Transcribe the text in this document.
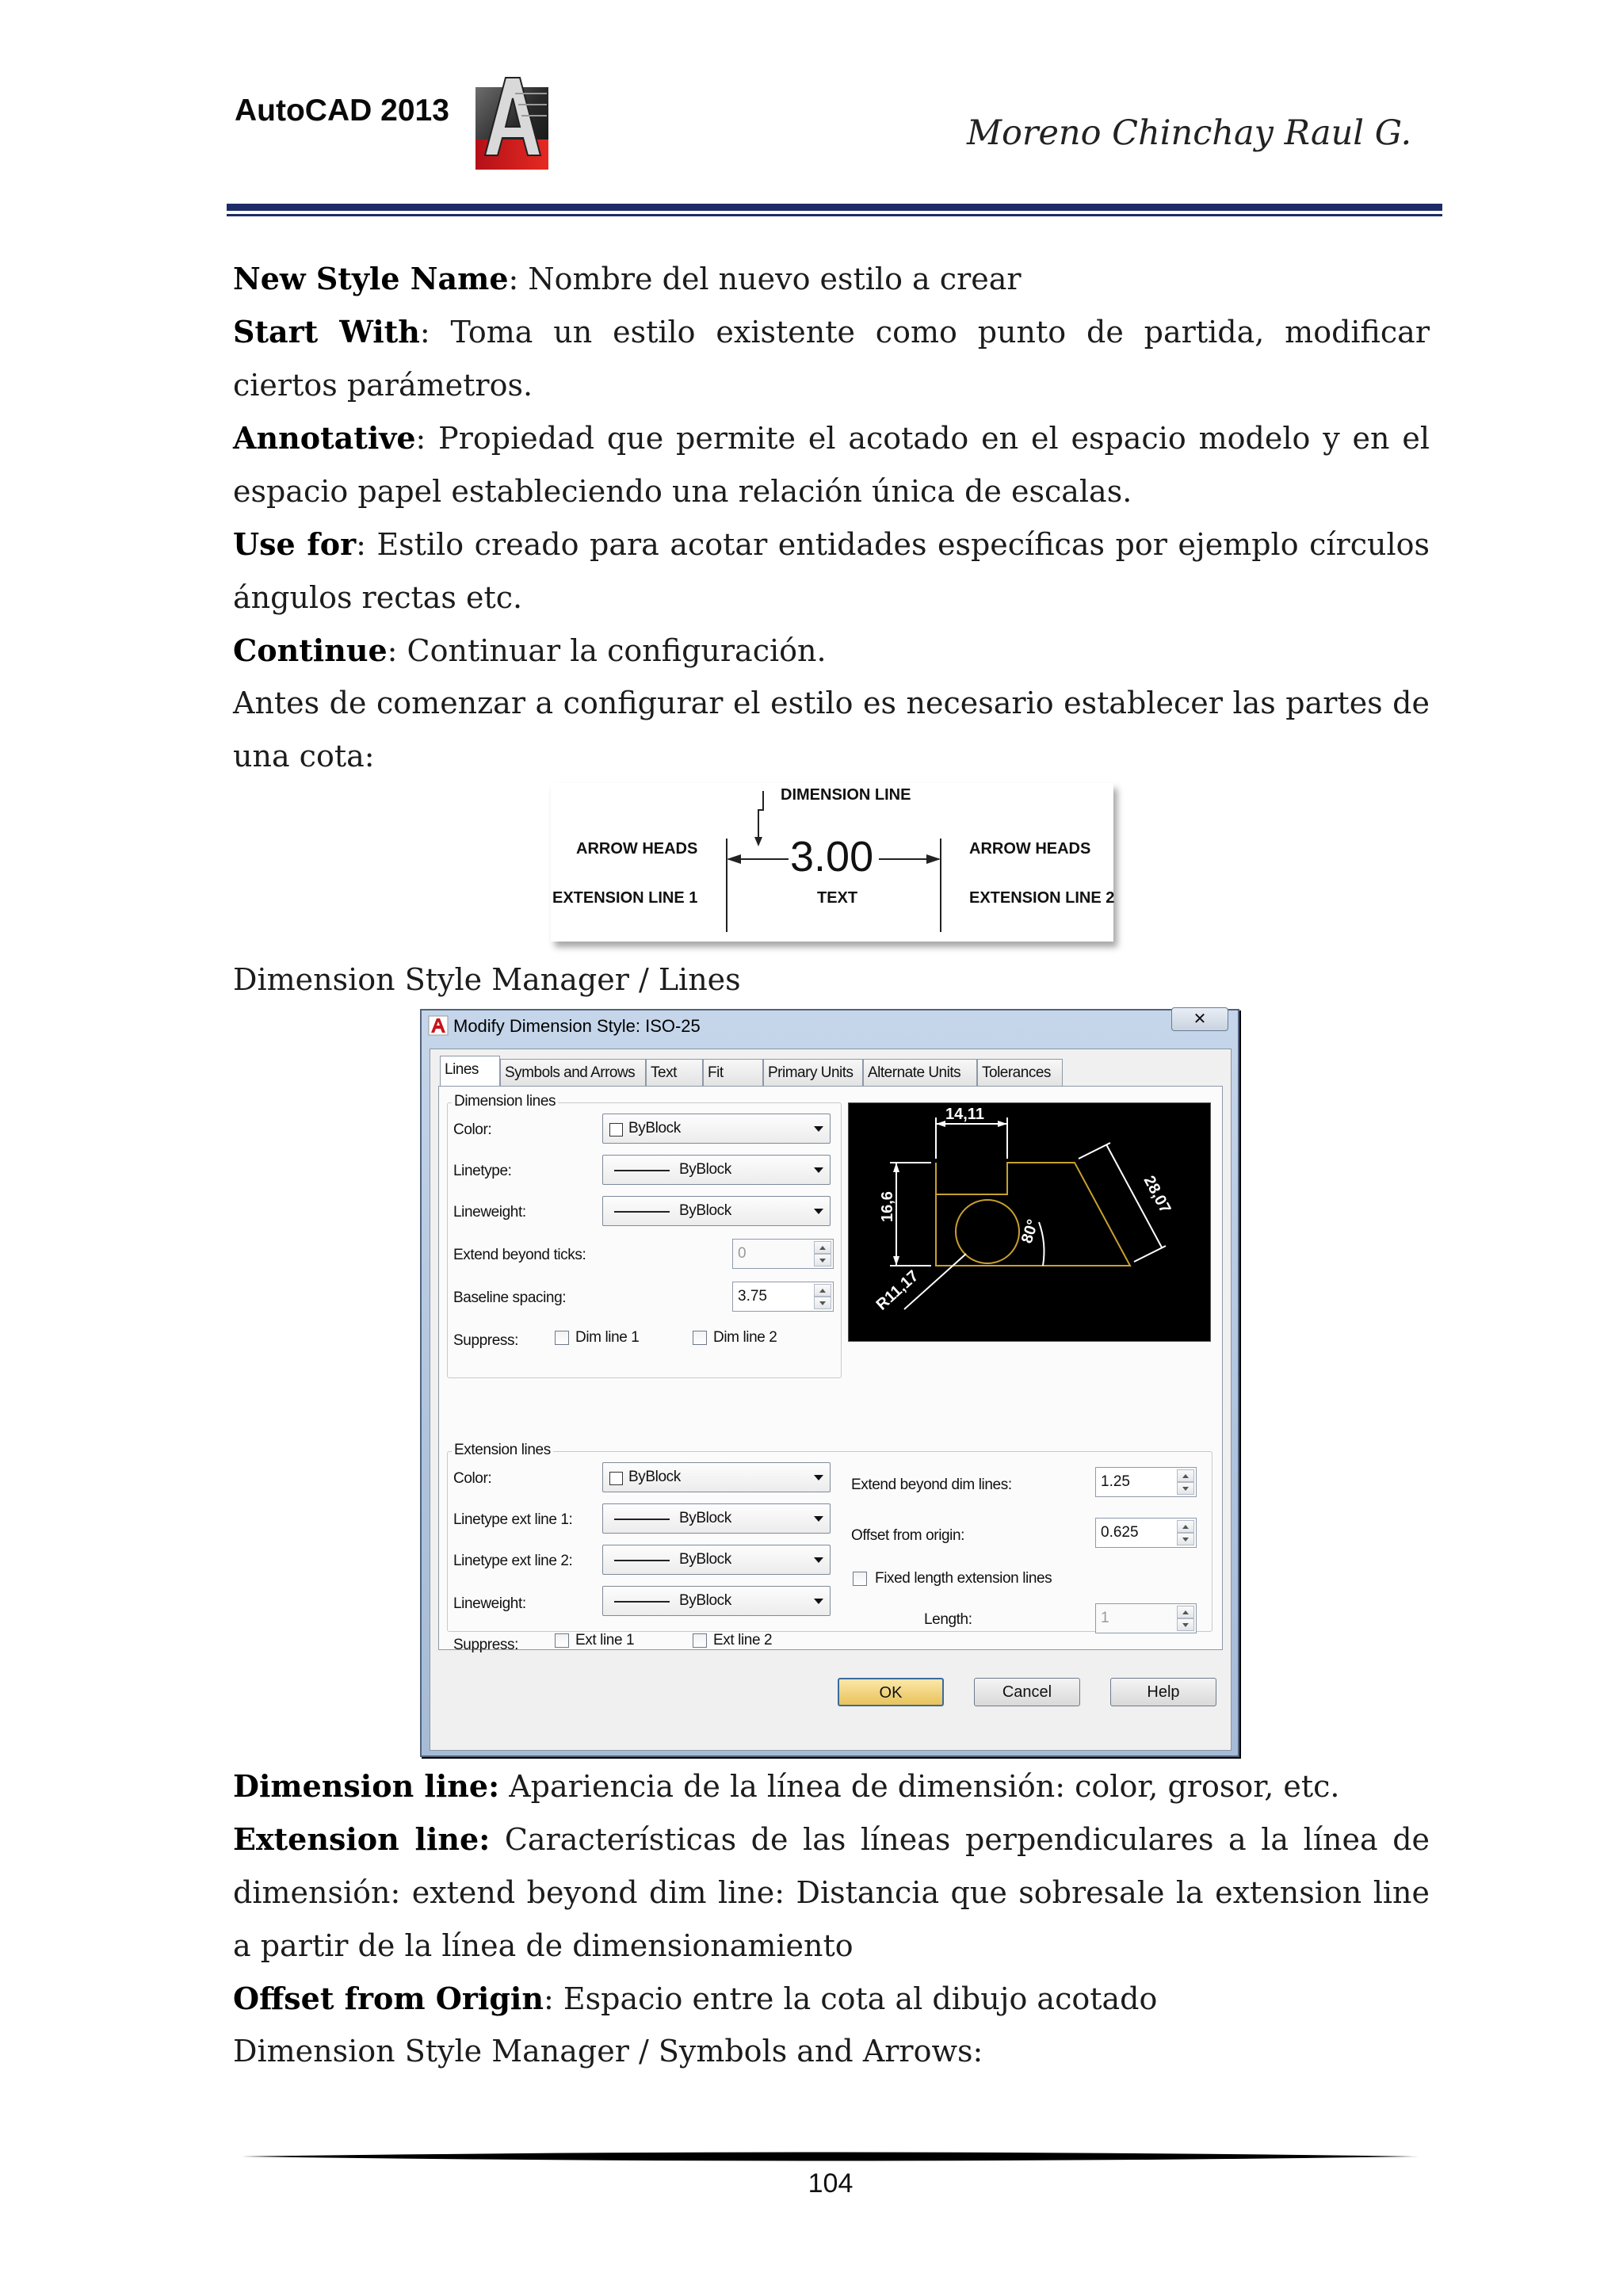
AutoCAD 2013
Moreno Chinchay Raul G.
New Style Name: Nombre del nuevo estilo a crear
Start With: Toma un estilo existente como punto de partida, modificar ciertos parámetros.
Annotative: Propiedad que permite el acotado en el espacio modelo y en el espacio papel estableciendo una relación única de escalas.
Use for: Estilo creado para acotar entidades específicas por ejemplo círculos ángulos rectas etc.
Continue: Continuar la configuración.
Antes de comenzar a configurar el estilo es necesario establecer las partes de una cota:
DIMENSION LINE
ARROW HEADS 3.00	ARROW HEADS
EXTENSION LINE 1	TEXT	EXTENSION LINE 2
Dimension Style Manager / Lines
Modify Dimension Style: ISO-25	✕
Lines	Symbols and Arrows	Text	Fit	Primary Units Alternate Units	Tolerances
Dimension lines
Color:	ByBlock
Linetype:	ByBlock
Lineweight:	ByBlock
Extend beyond ticks:	0
Baseline spacing:	3.75
Suppress:	Dim line 1	Dim line 2
14,11
16,6	28,07
80°
R11,17
Extension lines
Color:	ByBlock
Linetype ext line 1:	ByBlock
Linetype ext line 2:	ByBlock
Lineweight:	ByBlock
Suppress:	Ext line 1	Ext line 2
Extend beyond dim lines:	1.25
Offset from origin:	0.625
Fixed length extension lines
Length:	1
OK	Cancel	Help
Dimension line: Apariencia de la línea de dimensión: color, grosor, etc.
Extension line: Características de las líneas perpendiculares a la línea de dimensión: extend beyond dim line: Distancia que sobresale la extension line a partir de la línea de dimensionamiento
Offset from Origin: Espacio entre la cota al dibujo acotado
Dimension Style Manager / Symbols and Arrows:
104
